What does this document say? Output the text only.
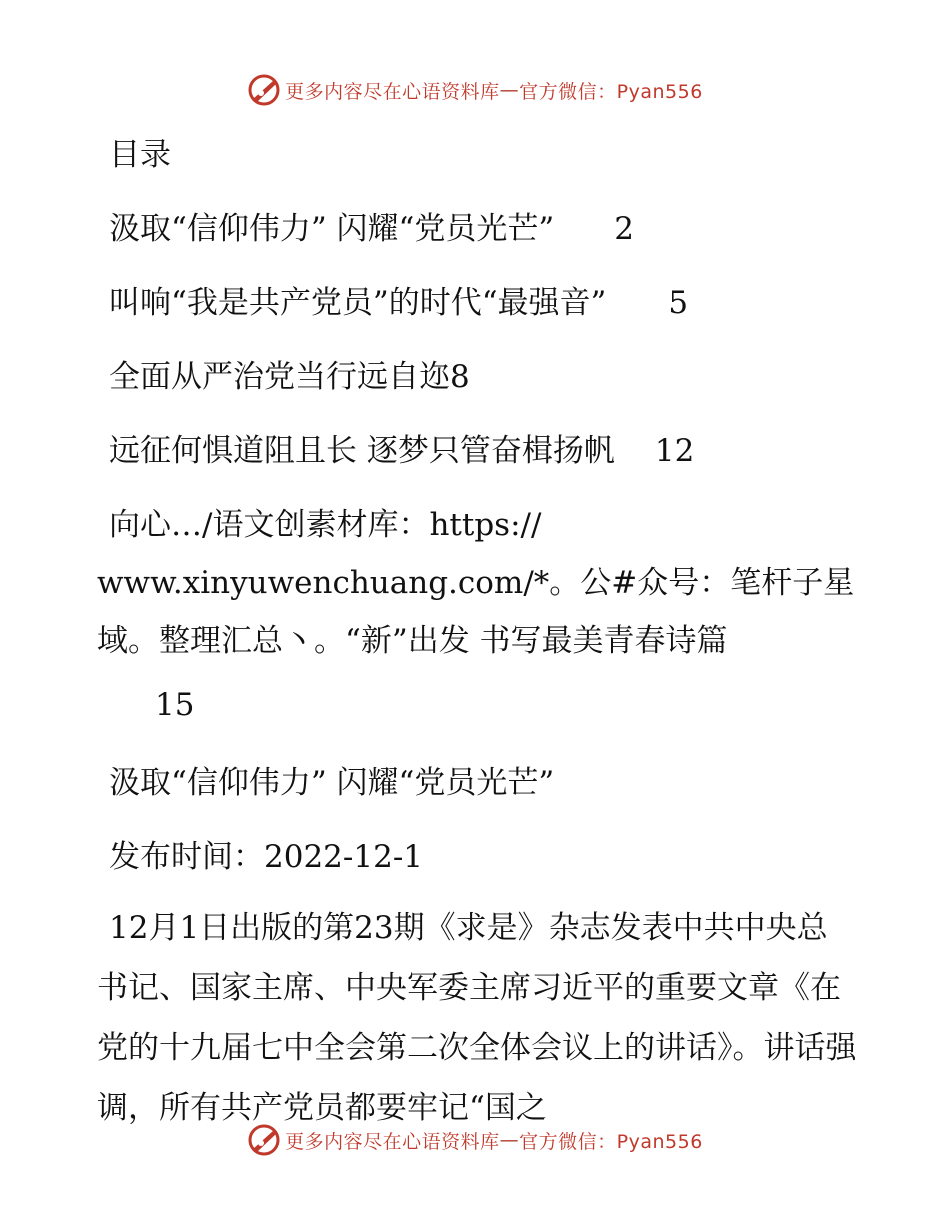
更多内容尽在心语资料库 — 官方微信：Pyan556
目录
汲取“信仰伟力” 闪耀“党员光芒” 2
叫响“我是共产党员”的时代“最强音” 5
全面从严治党当行远自迩8
远征何惧道阻且长 逐梦只管奋楫扬帆 12
向心…/语文创素材库：https://
www.xinyuwenchuang.com/*。公#众号：笔杆子星
域。整理汇总丶。“新”出发 书写最美青春诗篇
15
汲取“信仰伟力” 闪耀“党员光芒”
发布时间：2022-12-1
12月1日出版的第23期《求是》杂志发表中共中央总书记、国家主席、中央军委主席习近平的重要文章《在党的十九届七中全会第二次全体会议上的讲话》。讲话强调，所有共产党员都要牢记“国之
更多内容尽在心语资料库 — 官方微信：Pyan556
